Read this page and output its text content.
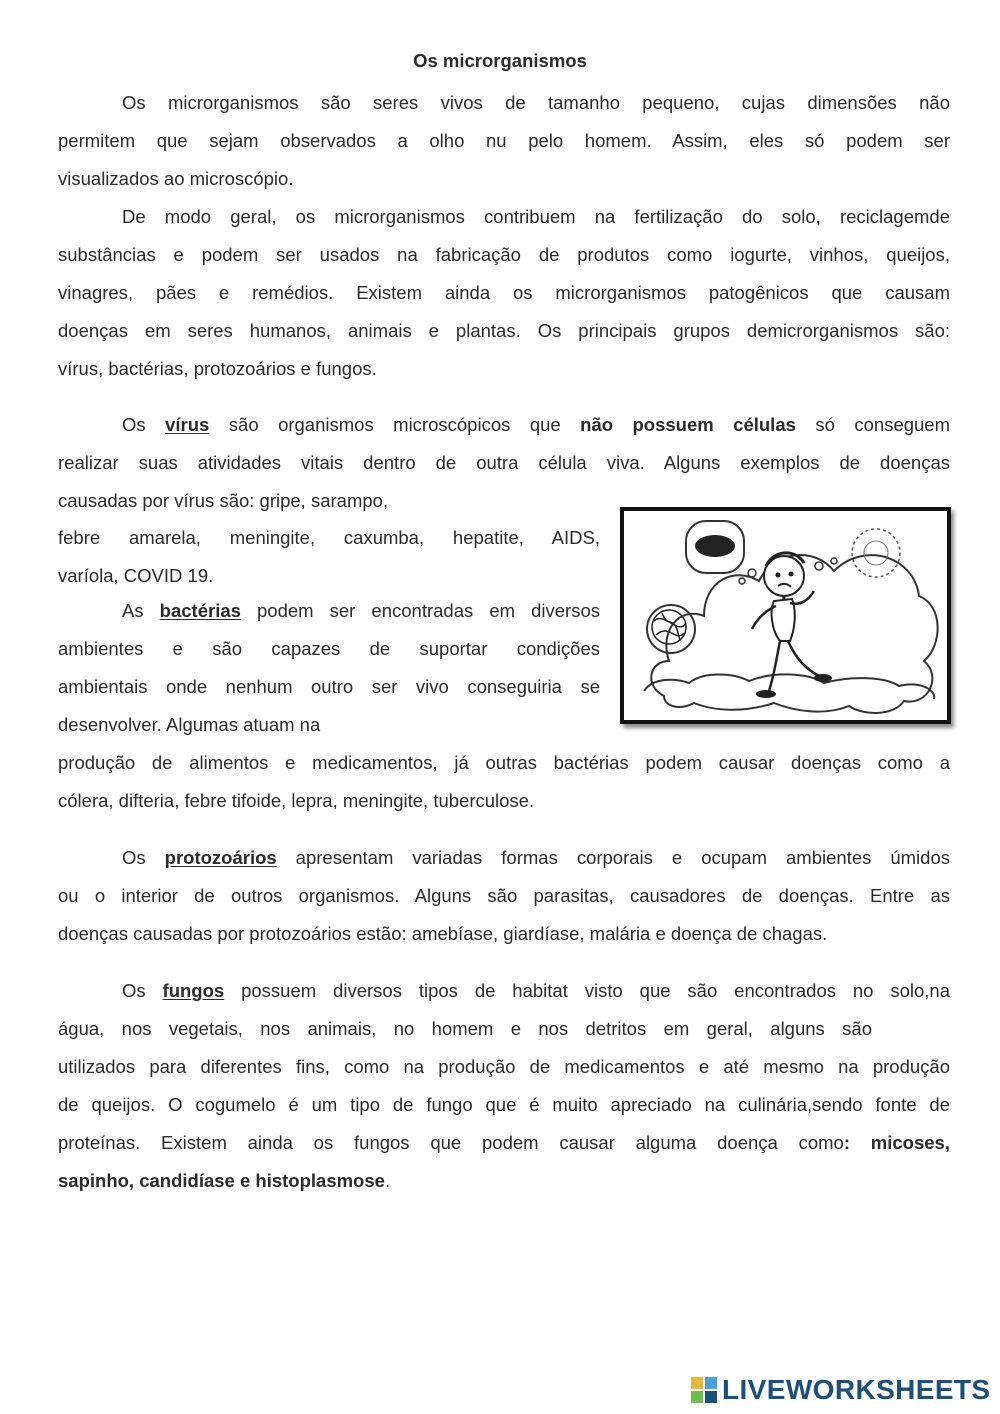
Os microrganismos
Os microrganismos são seres vivos de tamanho pequeno, cujas dimensões não
permitem que sejam observados a olho nu pelo homem. Assim, eles só podem ser
visualizados ao microscópio.
De modo geral, os microrganismos contribuem na fertilização do solo, reciclagemde
substâncias e podem ser usados na fabricação de produtos como iogurte, vinhos, queijos,
vinagres, pães e remédios. Existem ainda os microrganismos patogênicos que causam
doenças em seres humanos, animais e plantas. Os principais grupos demicrorganismos são:
vírus, bactérias, protozoários e fungos.
Os vírus são organismos microscópicos que não possuem células só conseguem
realizar suas atividades vitais dentro de outra célula viva. Alguns exemplos de doenças
causadas por vírus são: gripe, sarampo,
febre amarela, meningite, caxumba, hepatite, AIDS,
varíola, COVID 19.
As bactérias podem ser encontradas em diversos
ambientes e são capazes de suportar condições
ambientais onde nenhum outro ser vivo conseguiria se
desenvolver. Algumas atuam na
produção de alimentos e medicamentos, já outras bactérias podem causar doenças como a
cólera, difteria, febre tifoide, lepra, meningite, tuberculose.
Os protozoários apresentam variadas formas corporais e ocupam ambientes úmidos
ou o interior de outros organismos. Alguns são parasitas, causadores de doenças. Entre as
doenças causadas por protozoários estão: amebíase, giardíase, malária e doença de chagas.
Os fungos possuem diversos tipos de habitat visto que são encontrados no solo,na
água, nos vegetais, nos animais, no homem e nos detritos em geral, alguns são
utilizados para diferentes fins, como na produção de medicamentos e até mesmo na produção
de queijos. O cogumelo é um tipo de fungo que é muito apreciado na culinária,sendo fonte de
proteínas. Existem ainda os fungos que podem causar alguma doença como: micoses,
sapinho, candidíase e histoplasmose.
LIVEWORKSHEETS
